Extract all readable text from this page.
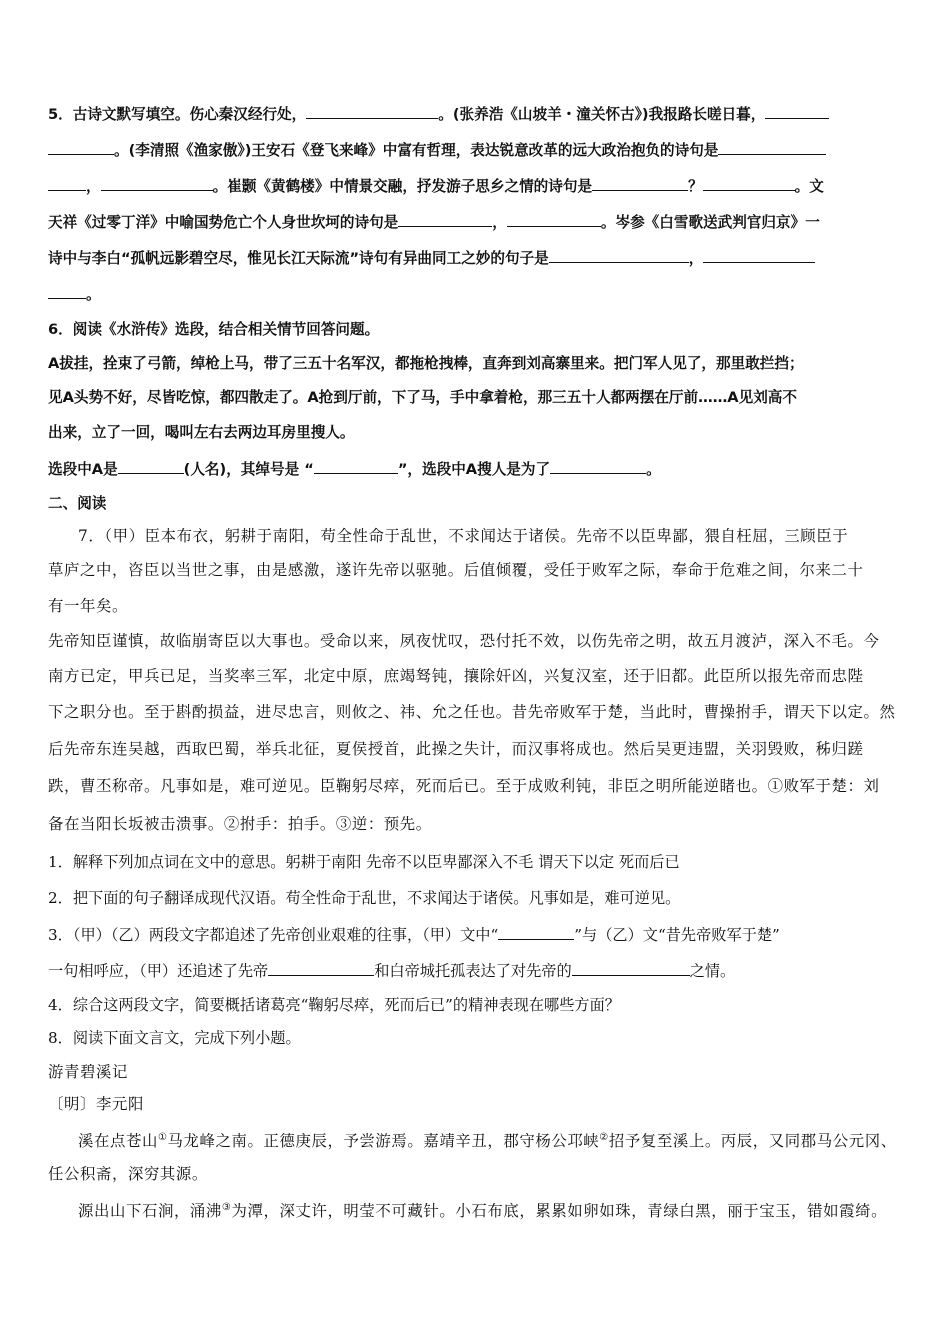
5．古诗文默写填空。伤心秦汉经行处，	。(张养浩《山坡羊・潼关怀古》)我报路长嗟日暮，
。(李清照《渔家傲》)王安石《登飞来峰》中富有哲理，表达锐意改革的远大政治抱负的诗句是
，	。崔颢《黄鹤楼》中情景交融，抒发游子思乡之情的诗句是	？	。文
天祥《过零丁洋》中喻国势危亡个人身世坎坷的诗句是	，	。岑参《白雪歌送武判官归京》一
诗中与李白“孤帆远影碧空尽，惟见长江天际流”诗句有异曲同工之妙的句子是	，
。
6．阅读《水浒传》选段，结合相关情节回答问题。
A拔挂，拴束了弓箭，绰枪上马，带了三五十名军汉，都拖枪拽棒，直奔到刘高寨里来。把门军人见了，那里敢拦挡；
见A头势不好，尽皆吃惊，都四散走了。A抢到厅前，下了马，手中拿着枪，那三五十人都两摆在厅前……A见刘高不
出来，立了一回，喝叫左右去两边耳房里搜人。
选段中A是	(人名)，其绰号是 “	”，选段中A搜人是为了	。
二、阅读
7．（甲）臣本布衣，躬耕于南阳，苟全性命于乱世，不求闻达于诸侯。先帝不以臣卑鄙，猥自枉屈，三顾臣于
草庐之中，咨臣以当世之事，由是感激，遂许先帝以驱驰。后值倾覆，受任于败军之际，奉命于危难之间，尔来二十
有一年矣。
先帝知臣谨慎，故临崩寄臣以大事也。受命以来，夙夜忧叹，恐付托不效，以伤先帝之明，故五月渡泸，深入不毛。今
南方已定，甲兵已足，当奖率三军，北定中原，庶竭驽钝，攘除奸凶，兴复汉室，还于旧都。此臣所以报先帝而忠陛
下之职分也。至于斟酌损益，进尽忠言，则攸之、祎、允之任也。昔先帝败军于楚，当此时，曹操拊手，谓天下以定。然
后先帝东连吴越，西取巴蜀，举兵北征，夏侯授首，此操之失计，而汉事将成也。然后吴更违盟，关羽毁败，秭归蹉
跌，曹丕称帝。凡事如是，难可逆见。臣鞠躬尽瘁，死而后已。至于成败利钝，非臣之明所能逆睹也。①败军于楚：刘
备在当阳长坂被击溃事。②拊手：拍手。③逆：预先。
1．解释下列加点词在文中的意思。躬耕于南阳 先帝不以臣卑鄙深入不毛 谓天下以定 死而后已
2．把下面的句子翻译成现代汉语。苟全性命于乱世，不求闻达于诸侯。凡事如是，难可逆见。
3．（甲）（乙）两段文字都追述了先帝创业艰难的往事，（甲）文中“	”与（乙）文“昔先帝败军于楚”
一句相呼应，（甲）还追述了先帝	和白帝城托孤表达了对先帝的	之情。
4．综合这两段文字，简要概括诸葛亮“鞠躬尽瘁，死而后已”的精神表现在哪些方面？
8．阅读下面文言文，完成下列小题。
游青碧溪记
〔明〕李元阳
溪在点苍山①马龙峰之南。正德庚辰，予尝游焉。嘉靖辛丑，郡守杨公邛峡②招予复至溪上。丙辰，又同郡马公元冈、
任公积斋，深穷其源。
源出山下石涧，涌沸③为潭，深丈许，明莹不可藏针。小石布底，累累如卵如珠，青绿白黑，丽于宝玉，错如霞绮。
